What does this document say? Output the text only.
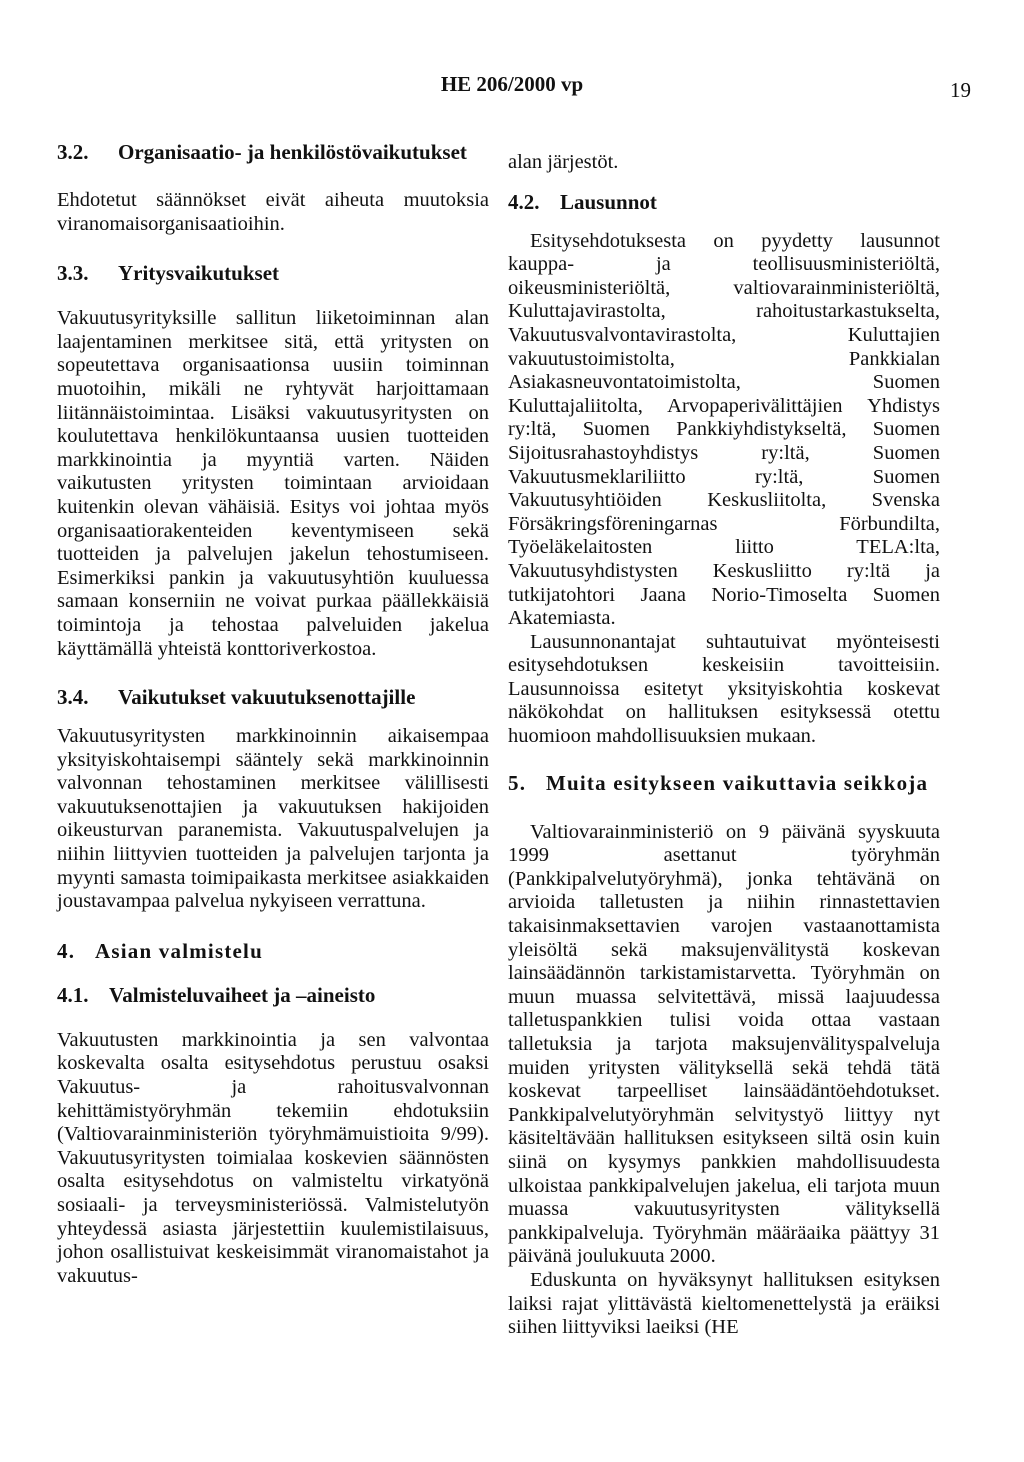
HE 206/2000 vp	19
3.2.	Organisaatio- ja henkilöstövaikutukset

Ehdotetut säännökset eivät aiheuta muutoksia viranomaisorganisaatioihin.

3.3.	Yritysvaikutukset

Vakuutusyrityksille sallitun liiketoiminnan alan laajentaminen merkitsee sitä, että yritysten on sopeutettava organisaationsa uusiin toiminnan muotoihin, mikäli ne ryhtyvät harjoittamaan liitännäistoimintaa. Lisäksi vakuutusyritysten on koulutettava henkilökuntaansa uusien tuotteiden markkinointia ja myyntiä varten. Näiden vaikutusten yritysten toimintaan arvioidaan kuitenkin olevan vähäisiä. Esitys voi johtaa myös organisaatiorakenteiden keventymiseen sekä tuotteiden ja palvelujen jakelun tehostumiseen. Esimerkiksi pankin ja vakuutusyhtiön kuuluessa samaan konserniin ne voivat purkaa päällekkäisiä toimintoja ja tehostaa palveluiden jakelua käyttämällä yhteistä konttoriverkostoa.

3.4.	Vaikutukset vakuutuksenottajille

Vakuutusyritysten markkinoinnin aikaisempaa yksityiskohtaisempi sääntely sekä markkinoinnin valvonnan tehostaminen merkitsee välillisesti vakuutuksenottajien ja vakuutuksen hakijoiden oikeusturvan paranemista. Vakuutuspalvelujen ja niihin liittyvien tuotteiden ja palvelujen tarjonta ja myynti samasta toimipaikasta merkitsee asiakkaiden joustavampaa palvelua nykyiseen verrattuna.

4. Asian valmistelu
4.1. Valmisteluvaiheet ja –aineisto

Vakuutusten markkinointia ja sen valvontaa koskevalta osalta esitysehdotus perustuu osaksi Vakuutus- ja rahoitusvalvonnan kehittämistyöryhmän tekemiin ehdotuksiin (Valtiovarainministeriön työryhmämuistioita 9/99). Vakuutusyritysten toimialaa koskevien säännösten osalta esitysehdotus on valmisteltu virkatyönä sosiaali- ja terveysministeriössä. Valmistelutyön yhteydessä asiasta järjestettiin kuulemistilaisuus, johon osallistuivat keskeisimmät viranomaistahot ja vakuutus-

alan järjestöt.

4.2. Lausunnot

Esitysehdotuksesta on pyydetty lausunnot kauppa- ja teollisuusministeriöltä, oikeusministeriöltä, valtiovarainministeriöltä, Kuluttajavirastolta, rahoitustarkastukselta, Vakuutusvalvontavirastolta, Kuluttajien vakuutustoimistolta, Pankkialan Asiakasneuvontatoimistolta, Suomen Kuluttajaliitolta, Arvopaperivälittäjien Yhdistys ry:ltä, Suomen Pankkiyhdistykseltä, Suomen Sijoitusrahastoyhdistys ry:ltä, Suomen Vakuutusmeklariliitto ry:ltä, Suomen Vakuutusyhtiöiden Keskusliitolta, Svenska Försäkringsföreningarnas Förbundilta, Työeläkelaitosten liitto TELA:lta, Vakuutusyhdistysten Keskusliitto ry:ltä ja tutkijatohtori Jaana Norio-Timoselta Suomen Akatemiasta.

Lausunnonantajat suhtautuivat myönteisesti esitysehdotuksen keskeisiin tavoitteisiin. Lausunnoissa esitetyt yksityiskohtia koskevat näkökohdat on hallituksen esityksessä otettu huomioon mahdollisuuksien mukaan.

5. Muita esitykseen vaikuttavia seikkoja

Valtiovarainministeriö on 9 päivänä syyskuuta 1999 asettanut työryhmän (Pankkipalvelutyöryhmä), jonka tehtävänä on arvioida talletusten ja niihin rinnastettavien takaisinmaksettavien varojen vastaanottamista yleisöltä sekä maksujenvälitystä koskevan lainsäädännön tarkistamistarvetta. Työryhmän on muun muassa selvitettävä, missä laajuudessa talletuspankkien tulisi voida ottaa vastaan talletuksia ja tarjota maksujenvälityspalveluja muiden yritysten välityksellä sekä tehdä tätä koskevat tarpeelliset lainsäädäntöehdotukset. Pankkipalvelutyöryhmän selvitystyö liittyy nyt käsiteltävään hallituksen esitykseen siltä osin kuin siinä on kysymys pankkien mahdollisuudesta ulkoistaa pankkipalvelujen jakelua, eli tarjota muun muassa vakuutusyritysten välityksellä pankkipalveluja. Työryhmän määräaika päättyy 31 päivänä joulukuuta 2000.

Eduskunta on hyväksynyt hallituksen esityksen laiksi rajat ylittävästä kieltomenettelystä ja eräiksi siihen liittyviksi laeiksi (HE
